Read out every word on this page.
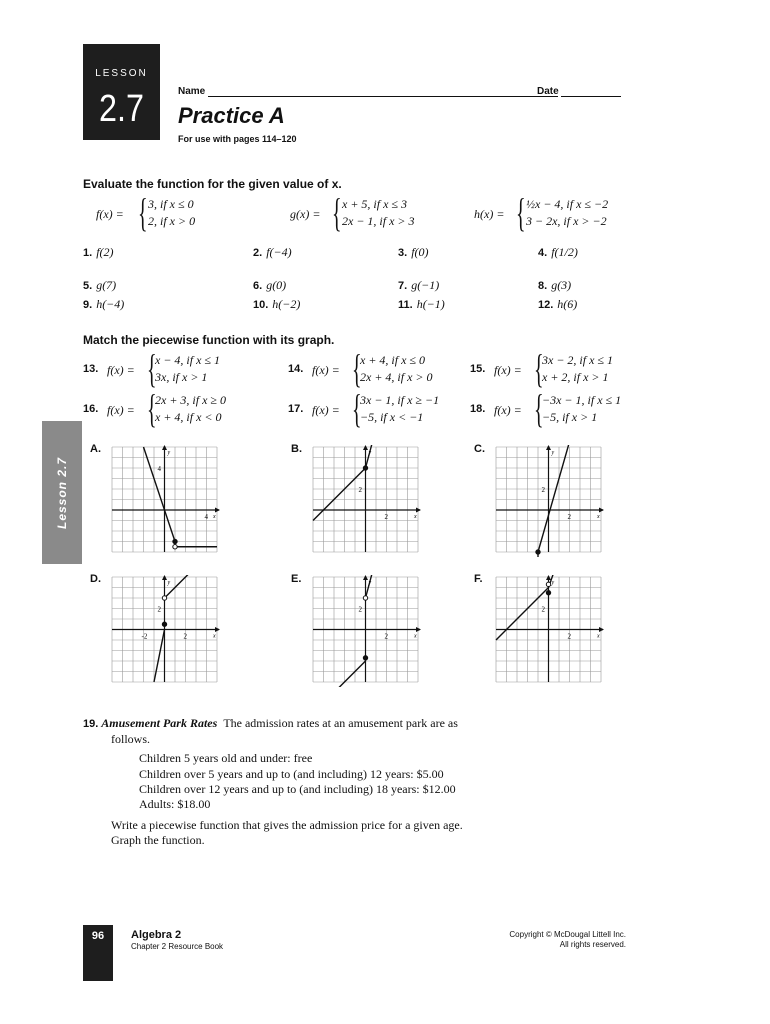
LESSON
2.7	Name	Date
Practice A
For use with pages 114–120
Evaluate the function for the given value of x.
f(x) = { 3, if x ≤ 0
2, if x > 0	g(x) = { x + 5, if x ≤ 3
2x − 1, if x > 3	h(x) = { ½x − 4, if x ≤ −2
3 − 2x, if x > −2
1. f(2)	2. f(−4)	3. f(0)	4. f(1/2)
5. g(7)	6. g(0)	7. g(−1)	8. g(3)
9. h(−4)	10. h(−2)	11. h(−1)	12. h(6)
Match the piecewise function with its graph.
13. f(x) = {
x − 4, if x ≤ 1
3x, if x > 1
14. f(x) = {
x + 4, if x ≤ 0
2x + 4, if x > 0
15. f(x) = {
3x − 2, if x ≤ 1
x + 2, if x > 1
16. f(x) = {
2x + 3, if x ≥ 0
x + 4, if x < 0
17. f(x) = {
3x − 1, if x ≥ −1
−5, if x < −1
18. f(x) = {
−3x − 1, if x ≤ 1
−5, if x > 1
Lesson 2.7
A.
x
y
4
4
B.
x
2
2
C.
x
y
2
2
D.
x
y
2
2
-2
E.
x
2
2
F.
x
y
2
2
19. Amusement Park Rates The admission rates at an amusement park are as
follows.
Children 5 years old and under: free
Children over 5 years and up to (and including) 12 years: $5.00
Children over 12 years and up to (and including) 18 years: $12.00
Adults: $18.00
Write a piecewise function that gives the admission price for a given age.
Graph the function.
96	Algebra 2
Chapter 2 Resource Book
Copyright © McDougal Littell Inc.
All rights reserved.
